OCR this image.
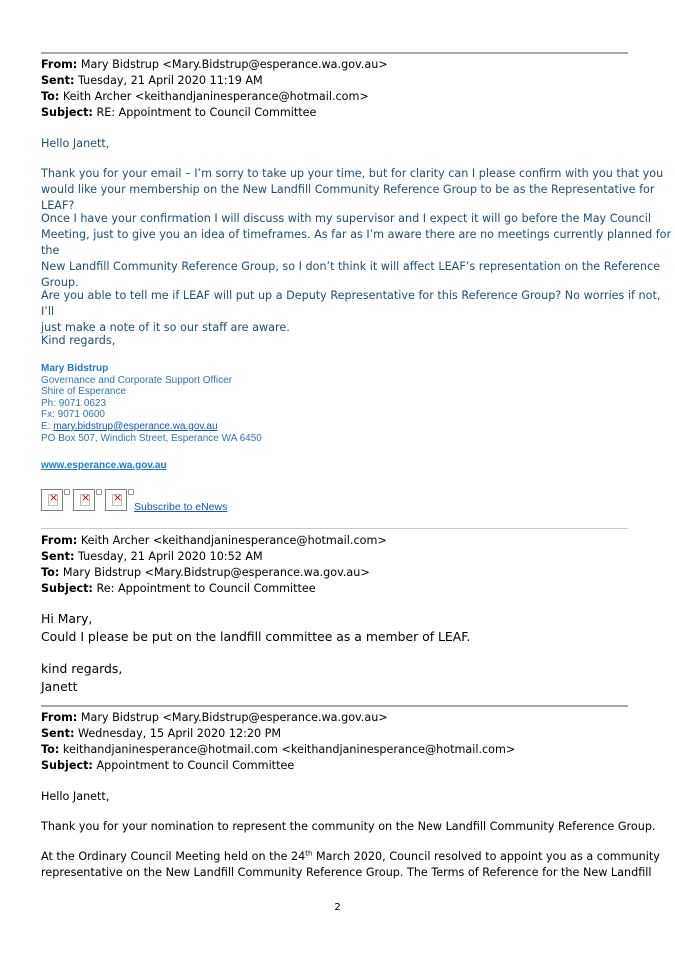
From: Mary Bidstrup <Mary.Bidstrup@esperance.wa.gov.au>
Sent: Tuesday, 21 April 2020 11:19 AM
To: Keith Archer <keithandjaninesperance@hotmail.com>
Subject: RE: Appointment to Council Committee
Hello Janett,
Thank you for your email – I’m sorry to take up your time, but for clarity can I please confirm with you that you
would like your membership on the New Landfill Community Reference Group to be as the Representative for LEAF?
Once I have your confirmation I will discuss with my supervisor and I expect it will go before the May Council
Meeting, just to give you an idea of timeframes. As far as I’m aware there are no meetings currently planned for the
New Landfill Community Reference Group, so I don’t think it will affect LEAF’s representation on the Reference
Group.
Are you able to tell me if LEAF will put up a Deputy Representative for this Reference Group? No worries if not, I’ll
just make a note of it so our staff are aware.
Kind regards,
Mary Bidstrup
Governance and Corporate Support Officer
Shire of Esperance
Ph: 9071 0623
Fx: 9071 0600
E: mary.bidstrup@esperance.wa.gov.au
PO Box 507, Windich Street, Esperance WA 6450
www.esperance.wa.gov.au
×
×
×
Subscribe to eNews
From: Keith Archer <keithandjaninesperance@hotmail.com>
Sent: Tuesday, 21 April 2020 10:52 AM
To: Mary Bidstrup <Mary.Bidstrup@esperance.wa.gov.au>
Subject: Re: Appointment to Council Committee
Hi Mary,
Could I please be put on the landfill committee as a member of LEAF.
kind regards,
Janett
From: Mary Bidstrup <Mary.Bidstrup@esperance.wa.gov.au>
Sent: Wednesday, 15 April 2020 12:20 PM
To: keithandjaninesperance@hotmail.com <keithandjaninesperance@hotmail.com>
Subject: Appointment to Council Committee
Hello Janett,
Thank you for your nomination to represent the community on the New Landfill Community Reference Group.
At the Ordinary Council Meeting held on the 24th March 2020, Council resolved to appoint you as a community
representative on the New Landfill Community Reference Group. The Terms of Reference for the New Landfill
2
